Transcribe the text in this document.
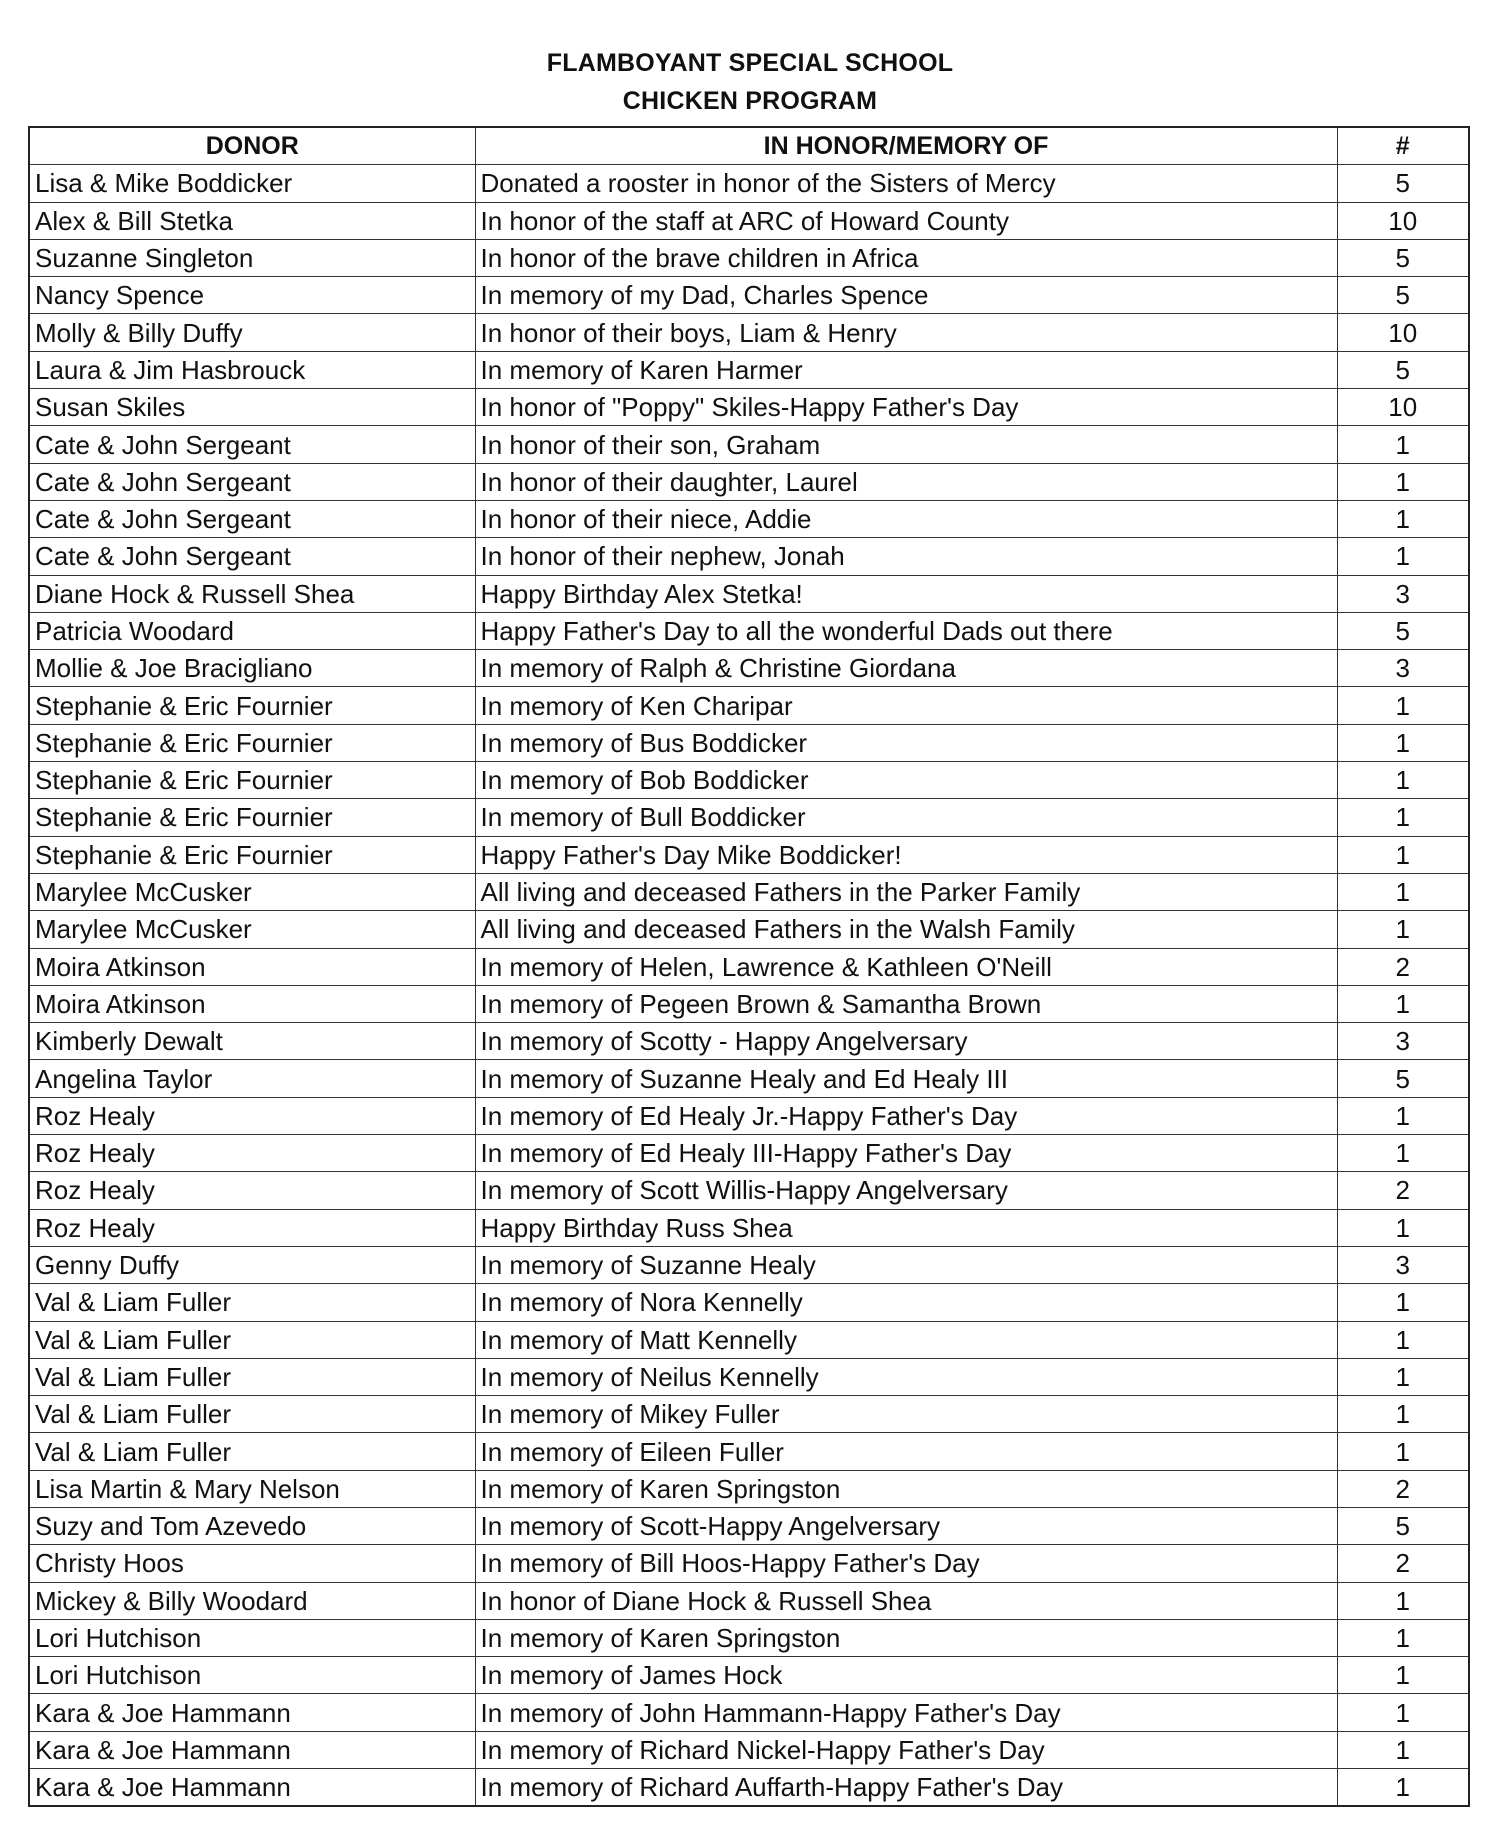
FLAMBOYANT SPECIAL SCHOOL
CHICKEN PROGRAM
DONOR	IN HONOR/MEMORY OF	#
Lisa & Mike Boddicker	Donated a rooster in honor of the Sisters of Mercy	5
Alex & Bill Stetka	In honor of the staff at ARC of Howard County	10
Suzanne Singleton	In honor of the brave children in Africa	5
Nancy Spence	In memory of my Dad, Charles Spence	5
Molly & Billy Duffy	In honor of their boys, Liam & Henry	10
Laura & Jim Hasbrouck	In memory of Karen Harmer	5
Susan Skiles	In honor of "Poppy" Skiles-Happy Father's Day	10
Cate & John Sergeant	In honor of their son, Graham	1
Cate & John Sergeant	In honor of their daughter, Laurel	1
Cate & John Sergeant	In honor of their niece, Addie	1
Cate & John Sergeant	In honor of their nephew, Jonah	1
Diane Hock & Russell Shea	Happy Birthday Alex Stetka!	3
Patricia Woodard	Happy Father's Day to all the wonderful Dads out there	5
Mollie & Joe Bracigliano	In memory of Ralph & Christine Giordana	3
Stephanie & Eric Fournier	In memory of Ken Charipar	1
Stephanie & Eric Fournier	In memory of Bus Boddicker	1
Stephanie & Eric Fournier	In memory of Bob Boddicker	1
Stephanie & Eric Fournier	In memory of Bull Boddicker	1
Stephanie & Eric Fournier	Happy Father's Day Mike Boddicker!	1
Marylee McCusker	All living and deceased Fathers in the Parker Family	1
Marylee McCusker	All living and deceased Fathers in the Walsh Family	1
Moira Atkinson	In memory of Helen, Lawrence & Kathleen O'Neill	2
Moira Atkinson	In memory of Pegeen Brown & Samantha Brown	1
Kimberly Dewalt	In memory of Scotty - Happy Angelversary	3
Angelina Taylor	In memory of Suzanne Healy and Ed Healy III	5
Roz Healy	In memory of Ed Healy Jr.-Happy Father's Day	1
Roz Healy	In memory of Ed Healy III-Happy Father's Day	1
Roz Healy	In memory of Scott Willis-Happy Angelversary	2
Roz Healy	Happy Birthday Russ Shea	1
Genny Duffy	In memory of Suzanne Healy	3
Val & Liam Fuller	In memory of Nora Kennelly	1
Val & Liam Fuller	In memory of Matt Kennelly	1
Val & Liam Fuller	In memory of Neilus Kennelly	1
Val & Liam Fuller	In memory of Mikey Fuller	1
Val & Liam Fuller	In memory of Eileen Fuller	1
Lisa Martin & Mary Nelson	In memory of Karen Springston	2
Suzy and Tom Azevedo	In memory of Scott-Happy Angelversary	5
Christy Hoos	In memory of Bill Hoos-Happy Father's Day	2
Mickey & Billy Woodard	In honor of Diane Hock & Russell Shea	1
Lori Hutchison	In memory of Karen Springston	1
Lori Hutchison	In memory of James Hock	1
Kara & Joe Hammann	In memory of John Hammann-Happy Father's Day	1
Kara & Joe Hammann	In memory of Richard Nickel-Happy Father's Day	1
Kara & Joe Hammann	In memory of Richard Auffarth-Happy Father's Day	1
